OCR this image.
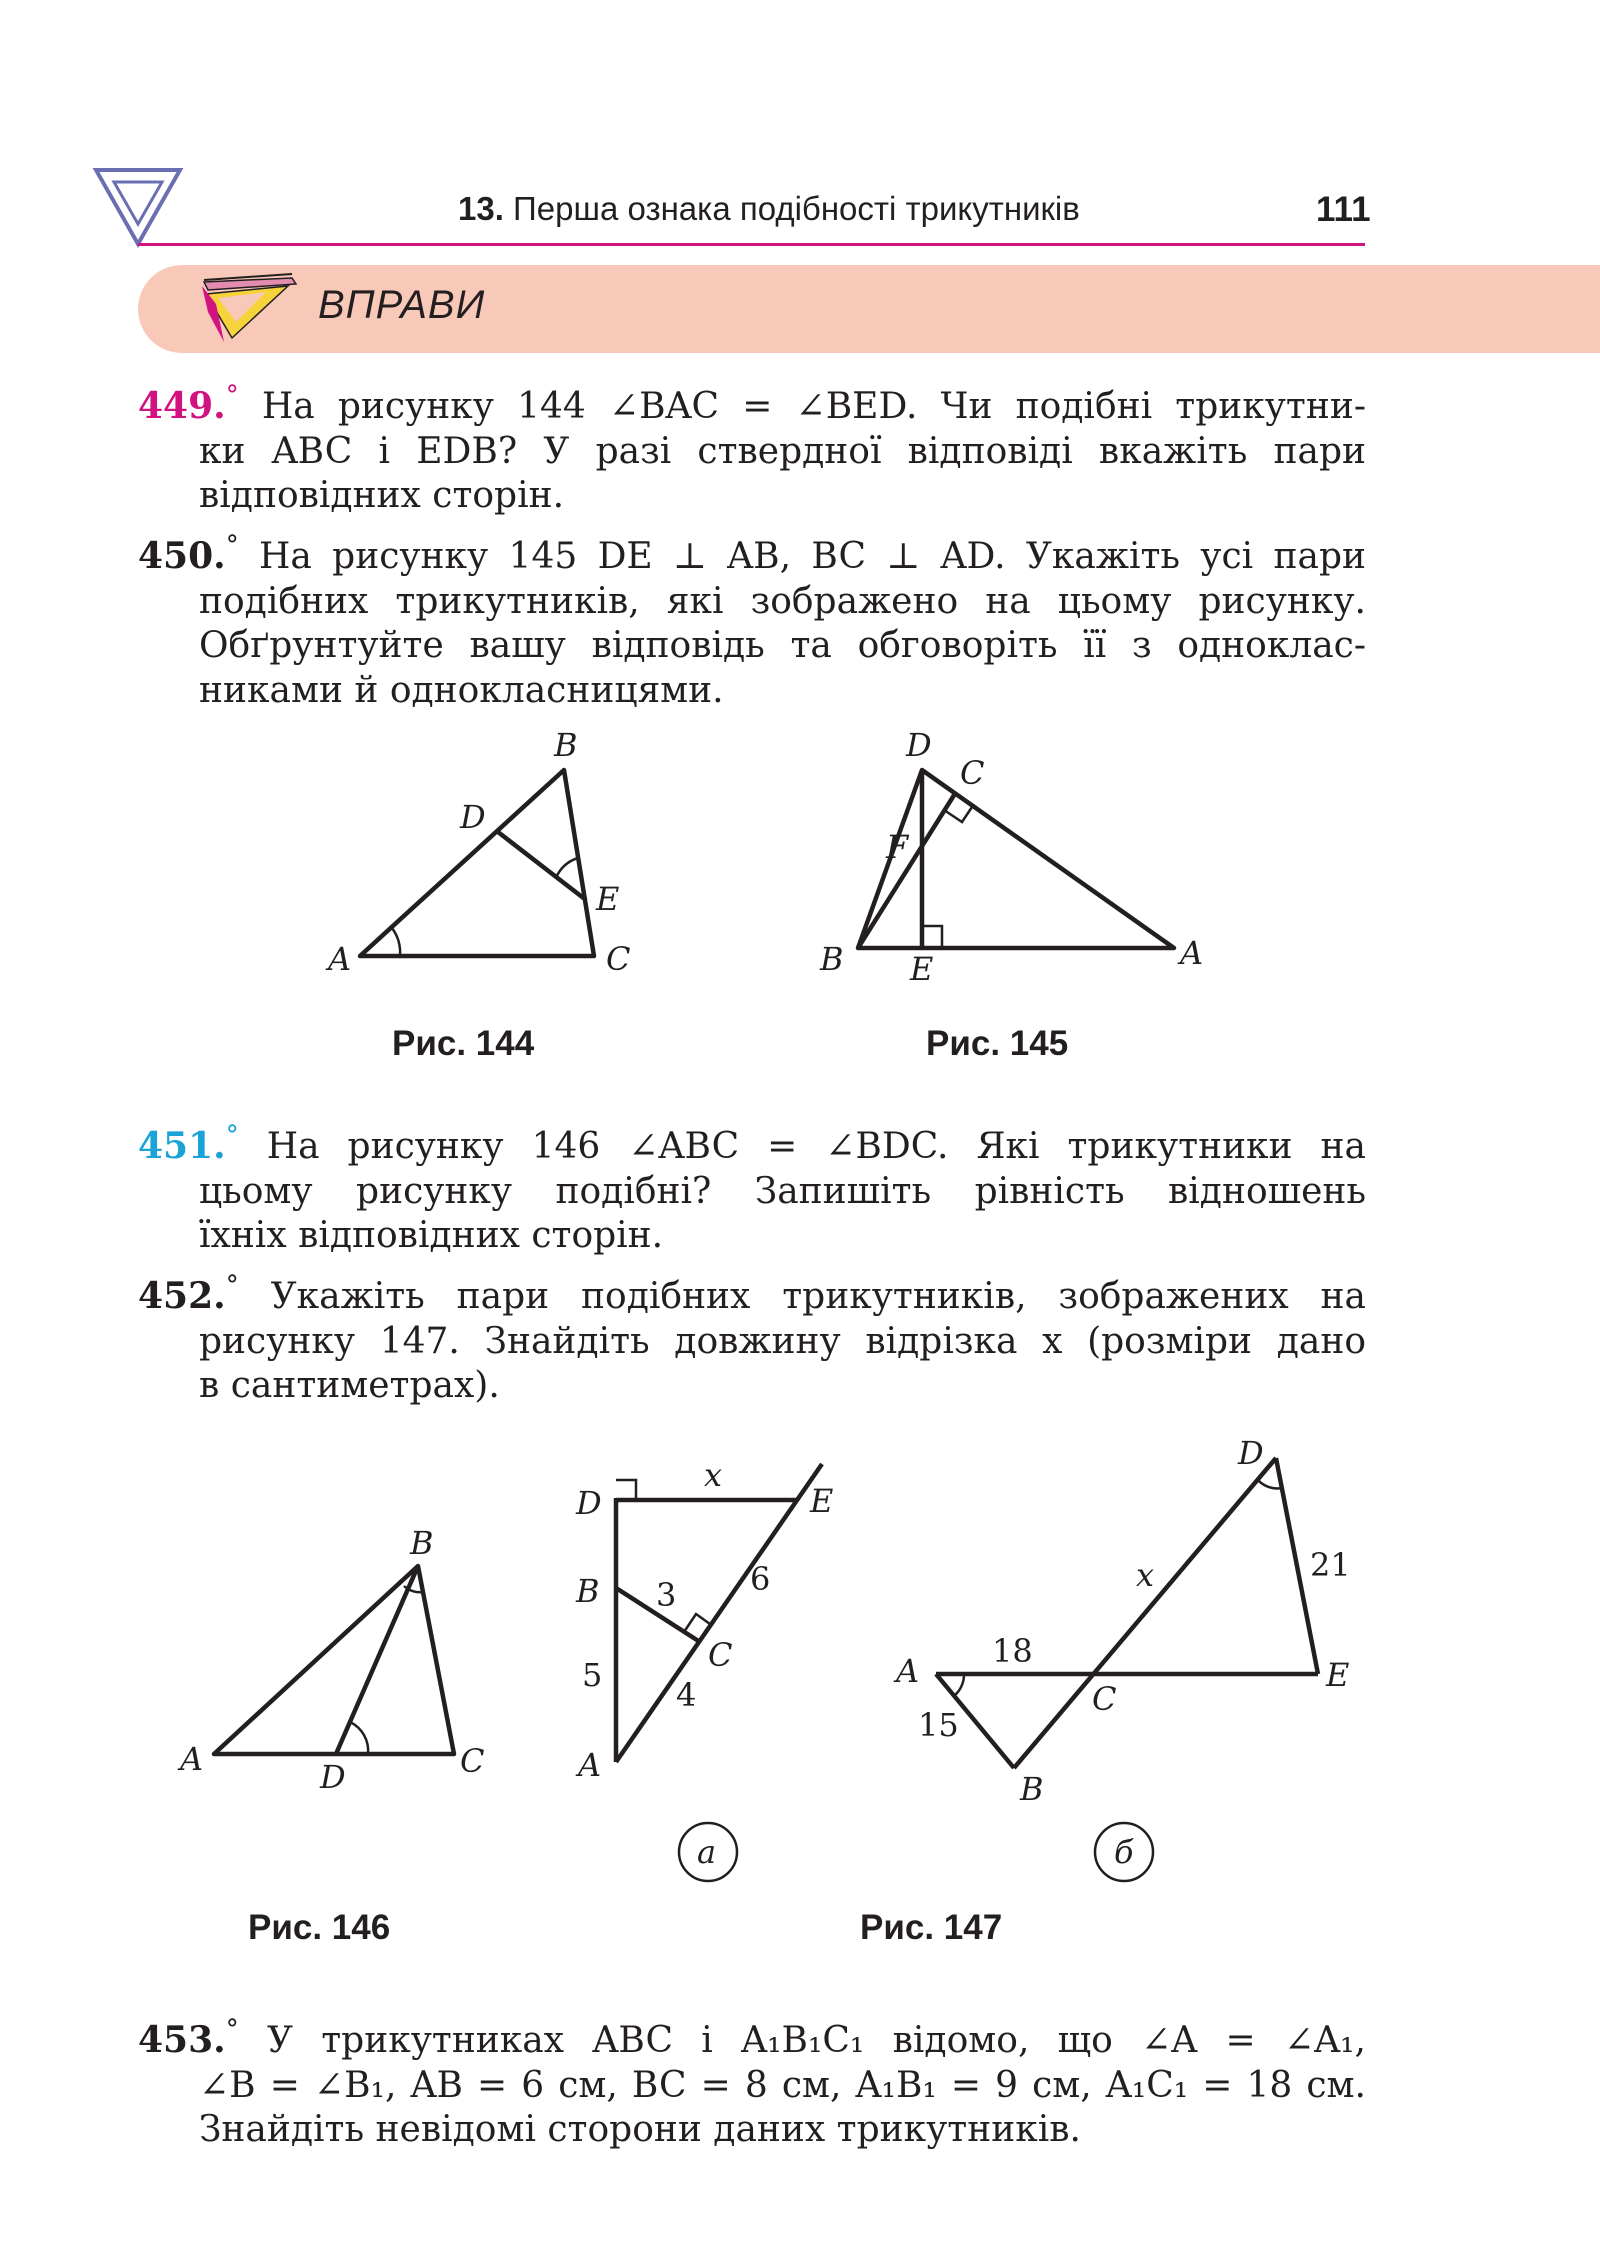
13. Перша ознака подібності трикутників	111
ВПРАВИ
449.° На рисунку 144 ∠BAC = ∠BED. Чи подібні трикутни-
ки ABC і EDB? У разі ствердної відповіді вкажіть пари
відповідних сторін.
450.° На рисунку 145 DE ⊥ AB, BC ⊥ AD. Укажіть усі пари
подібних трикутників, які зображено на цьому рисунку.
Обґрунтуйте вашу відповідь та обговоріть її з одноклас-
никами й однокласницями.
A
B
C
D
E
Рис. 144
B
D
C
F
E	A
Рис. 145
451.° На рисунку 146 ∠ABC = ∠BDC. Які трикутники на
цьому рисунку подібні? Запишіть рівність відношень
їхніх відповідних сторін.
452.° Укажіть пари подібних трикутників, зображених на
рисунку 147. Знайдіть довжину відрізка x (розміри дано
в сантиметрах).
A
B
C
D
Рис. 146
D	E
B
C
A
x
3 6
5
4
а
D
A
C
E
B
x
18
15
21
б
Рис. 147
453.° У трикутниках ABC і A₁B₁C₁ відомо, що ∠A = ∠A₁,
∠B = ∠B₁, AB = 6 см, BC = 8 см, A₁B₁ = 9 см, A₁C₁ = 18 см.
Знайдіть невідомі сторони даних трикутників.
